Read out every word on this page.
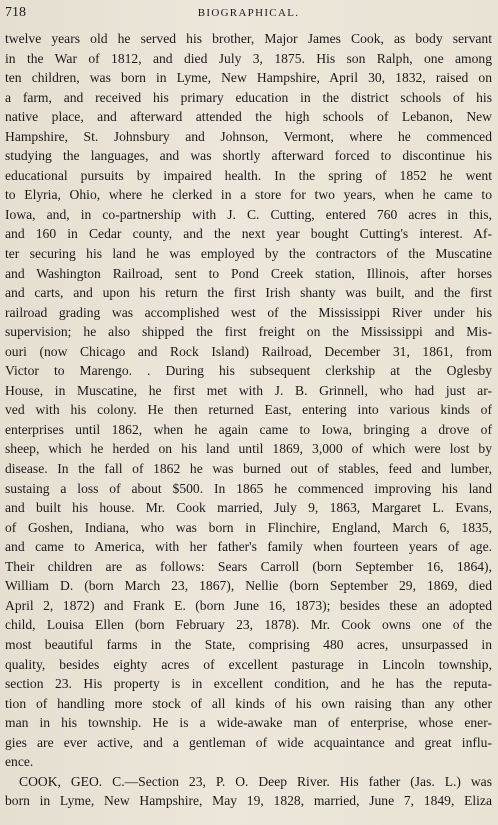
718	BIOGRAPHICAL.
twelve years old he served his brother, Major James Cook, as body servant
in the War of 1812, and died July 3, 1875. His son Ralph, one among
ten children, was born in Lyme, New Hampshire, April 30, 1832, raised on
a farm, and received his primary education in the district schools of his
native place, and afterward attended the high schools of Lebanon, New
Hampshire, St. Johnsbury and Johnson, Vermont, where he commenced
studying the languages, and was shortly afterward forced to discontinue his
educational pursuits by impaired health. In the spring of 1852 he went
to Elyria, Ohio, where he clerked in a store for two years, when he came to
Iowa, and, in co-partnership with J. C. Cutting, entered 760 acres in this,
and 160 in Cedar county, and the next year bought Cutting's interest. Af-
ter securing his land he was employed by the contractors of the Muscatine
and Washington Railroad, sent to Pond Creek station, Illinois, after horses
and carts, and upon his return the first Irish shanty was built, and the first
railroad grading was accomplished west of the Mississippi River under his
supervision; he also shipped the first freight on the Mississippi and Mis-
ouri (now Chicago and Rock Island) Railroad, December 31, 1861, from
Victor to Marengo. . During his subsequent clerkship at the Oglesby
House, in Muscatine, he first met with J. B. Grinnell, who had just ar-
ved with his colony. He then returned East, entering into various kinds of
enterprises until 1862, when he again came to Iowa, bringing a drove of
sheep, which he herded on his land until 1869, 3,000 of which were lost by
disease. In the fall of 1862 he was burned out of stables, feed and lumber,
sustaing a loss of about $500. In 1865 he commenced improving his land
and built his house. Mr. Cook married, July 9, 1863, Margaret L. Evans,
of Goshen, Indiana, who was born in Flinchire, England, March 6, 1835,
and came to America, with her father's family when fourteen years of age.
Their children are as follows: Sears Carroll (born September 16, 1864),
William D. (born March 23, 1867), Nellie (born September 29, 1869, died
April 2, 1872) and Frank E. (born June 16, 1873); besides these an adopted
child, Louisa Ellen (born February 23, 1878). Mr. Cook owns one of the
most beautiful farms in the State, comprising 480 acres, unsurpassed in
quality, besides eighty acres of excellent pasturage in Lincoln township,
section 23. His property is in excellent condition, and he has the reputa-
tion of handling more stock of all kinds of his own raising than any other
man in his township. He is a wide-awake man of enterprise, whose ener-
gies are ever active, and a gentleman of wide acquaintance and great influ-
ence.
COOK, GEO. C.—Section 23, P. O. Deep River. His father (Jas. L.) was
born in Lyme, New Hampshire, May 19, 1828, married, June 7, 1849, Eliza
